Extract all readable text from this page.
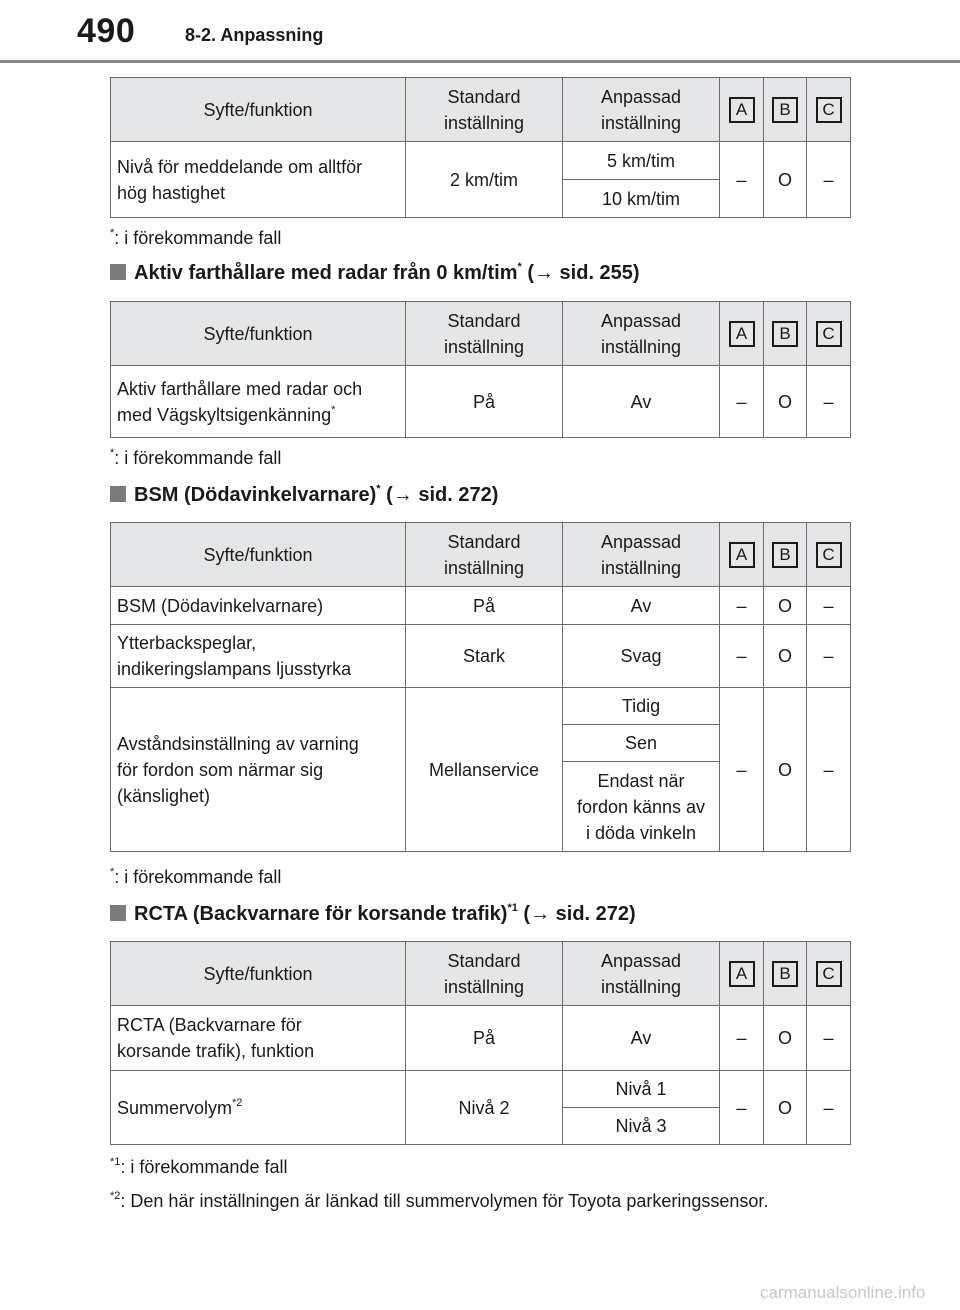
490	8-2. Anpassning
Syfte/funktion	Standard
inställning	Anpassad
inställning	A	B	C
Nivå för meddelande om alltför
hög hastighet	2 km/tim	5 km/tim	–	O	–
		10 km/tim			
*: i förekommande fall
Aktiv farthållare med radar från 0 km/tim* (→ sid. 255)
Syfte/funktion	Standard
inställning	Anpassad
inställning	A	B	C
Aktiv farthållare med radar och
med Vägskyltsigenkänning*	På	Av	–	O	–
*: i förekommande fall
BSM (Dödavinkelvarnare)* (→ sid. 272)
Syfte/funktion	Standard
inställning	Anpassad
inställning	A	B	C
BSM (Dödavinkelvarnare)	På	Av	–	O	–
Ytterbackspeglar,
indikeringslampans ljusstyrka	Stark	Svag	–	O	–
Avståndsinställning av varning
för fordon som närmar sig
(känslighet)	Mellanservice	Tidig	–	O	–
		Sen			
		Endast när
fordon känns av
i döda vinkeln			
*: i förekommande fall
RCTA (Backvarnare för korsande trafik)$^{*1}$ (→ sid. 272)
Syfte/funktion	Standard
inställning	Anpassad
inställning	A	B	C
RCTA (Backvarnare för
korsande trafik), funktion	På	Av	–	O	–
Summervolym$^{*2}$	Nivå 2	Nivå 1	–	O	–
		Nivå 3			
$^{*1}$: i förekommande fall
$^{*2}$: Den här inställningen är länkad till summervolymen för Toyota parkeringssensor.
carmanualsonline.info
